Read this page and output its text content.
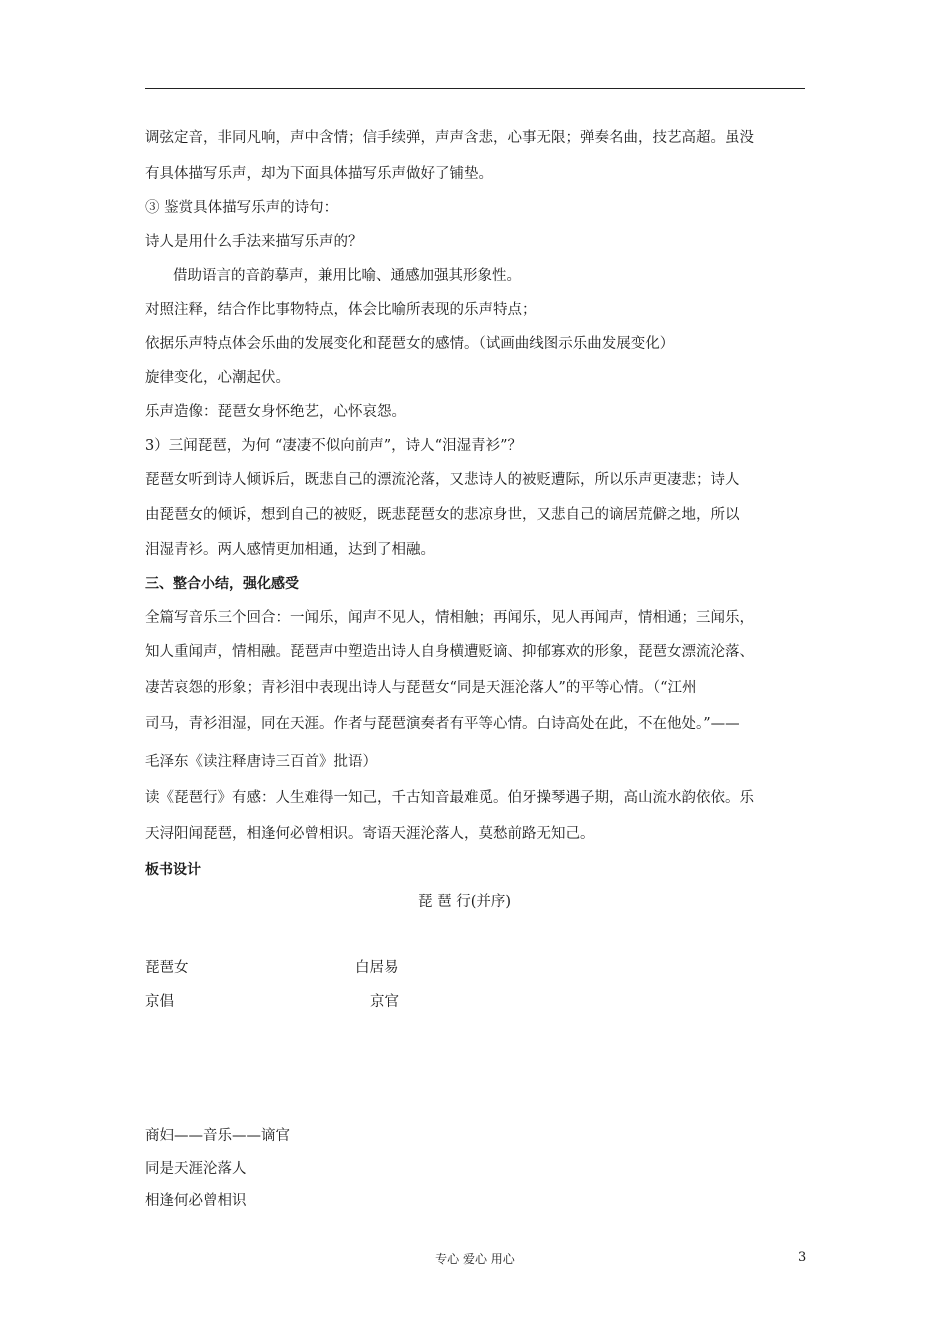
调弦定音，非同凡响，声中含情；信手续弹，声声含悲，心事无限；弹奏名曲，技艺高超。虽没
有具体描写乐声，却为下面具体描写乐声做好了铺垫。
③ 鉴赏具体描写乐声的诗句：
诗人是用什么手法来描写乐声的？
借助语言的音韵摹声，兼用比喻、通感加强其形象性。
对照注释，结合作比事物特点，体会比喻所表现的乐声特点；
依据乐声特点体会乐曲的发展变化和琵琶女的感情。（试画曲线图示乐曲发展变化）
旋律变化，心潮起伏。
乐声造像：琵琶女身怀绝艺，心怀哀怨。
3）三闻琵琶，为何 “凄凄不似向前声”，诗人“泪湿青衫”？
琵琶女听到诗人倾诉后，既悲自己的漂流沦落，又悲诗人的被贬遭际，所以乐声更凄悲；诗人
由琵琶女的倾诉，想到自己的被贬，既悲琵琶女的悲凉身世，又悲自己的谪居荒僻之地，所以
泪湿青衫。两人感情更加相通，达到了相融。
三、整合小结，强化感受
全篇写音乐三个回合：一闻乐，闻声不见人，情相触；再闻乐，见人再闻声，情相通；三闻乐，
知人重闻声，情相融。琵琶声中塑造出诗人自身横遭贬谪、抑郁寡欢的形象，琵琶女漂流沦落、
凄苦哀怨的形象；青衫泪中表现出诗人与琵琶女“同是天涯沦落人”的平等心情。（“江州
司马，青衫泪湿，同在天涯。作者与琵琶演奏者有平等心情。白诗高处在此，不在他处。”——
毛泽东《读注释唐诗三百首》批语）
读《琵琶行》有感：人生难得一知己，千古知音最难觅。伯牙操琴遇子期，高山流水韵依依。乐
天浔阳闻琵琶，相逢何必曾相识。寄语天涯沦落人，莫愁前路无知己。
板书设计
琵 琶 行(并序)
琵琶女	白居易
京倡	京官
商妇——音乐——谪官
同是天涯沦落人
相逢何必曾相识
专心 爱心 用心	3
